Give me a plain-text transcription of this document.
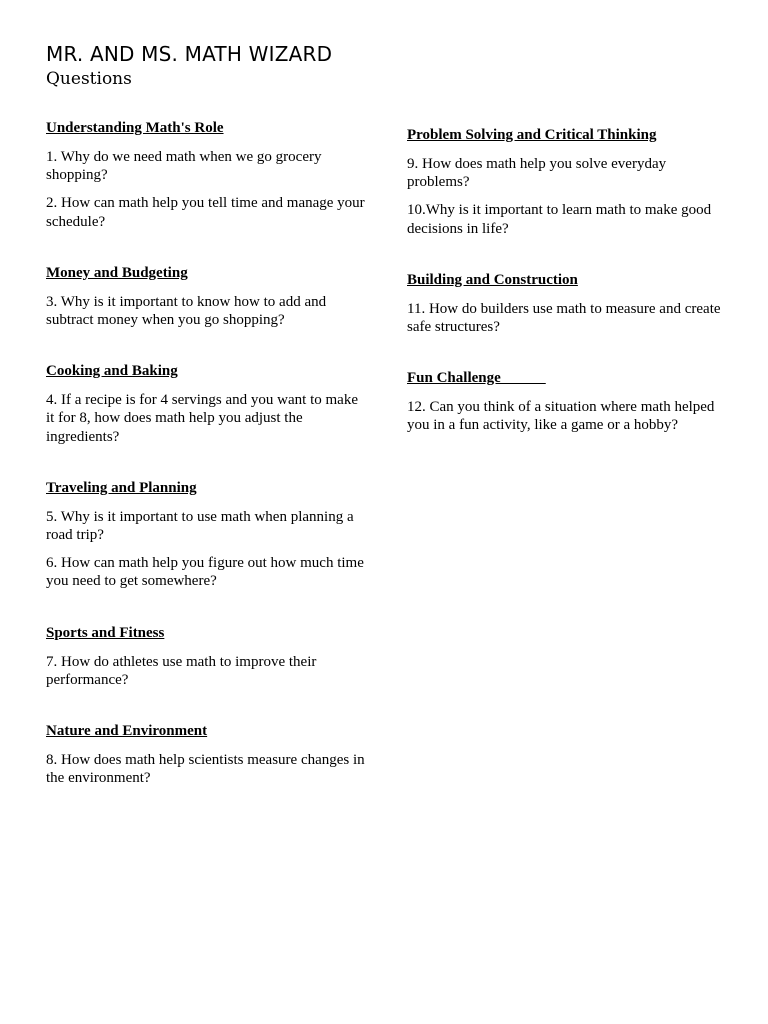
MR. AND MS. MATH WIZARD
Questions
Understanding Math's Role
1. Why do we need math when we go grocery shopping?
2. How can math help you tell time and manage your schedule?
Money and Budgeting
3. Why is it important to know how to add and subtract money when you go shopping?
Cooking and Baking
4. If a recipe is for 4 servings and you want to make it for 8, how does math help you adjust the ingredients?
Traveling and Planning
5. Why is it important to use math when planning a road trip?
6. How can math help you figure out how much time you need to get somewhere?
Sports and Fitness
7. How do athletes use math to improve their performance?
Nature and Environment
8. How does math help scientists measure changes in the environment?
Problem Solving and Critical Thinking
9. How does math help you solve everyday problems?
10.Why is it important to learn math to make good decisions in life?
Building and Construction
11. How do builders use math to measure and create safe structures?
Fun Challenge
12. Can you think of a situation where math helped you in a fun activity, like a game or a hobby?
